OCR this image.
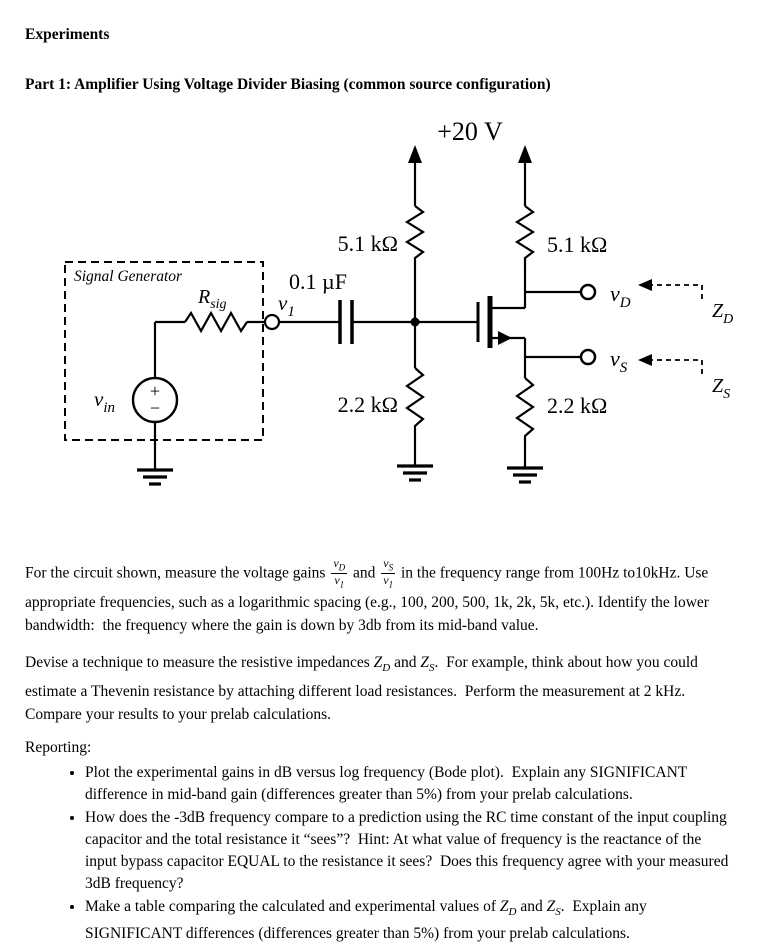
Experiments
Part 1: Amplifier Using Voltage Divider Biasing (common source configuration)
+20 V
5.1 kΩ	5.1 kΩ
0.1 µF
2.2 kΩ	2.2 kΩ
Signal Generator
$R_{sig}$ $v_1$
$v_{in}$
+
−
$v_D$
$v_S$
$Z_D$
$Z_S$

For the circuit shown, measure the voltage gains $\frac{v_D}{v_1}$ and $\frac{v_S}{v_1}$ in the frequency range from 100Hz to10kHz. Use appropriate frequencies, such as a logarithmic spacing (e.g., 100, 200, 500, 1k, 2k, 5k, etc.). Identify the lower bandwidth:  the frequency where the gain is down by 3db from its mid-band value.

Devise a technique to measure the resistive impedances $Z_D$ and $Z_S$.  For example, think about how you could estimate a Thevenin resistance by attaching different load resistances.  Perform the measurement at 2 kHz.  Compare your results to your prelab calculations.

Reporting:

• Plot the experimental gains in dB versus log frequency (Bode plot).  Explain any SIGNIFICANT difference in mid-band gain (differences greater than 5%) from your prelab calculations.
• How does the -3dB frequency compare to a prediction using the RC time constant of the input coupling capacitor and the total resistance it “sees”?  Hint: At what value of frequency is the reactance of the input bypass capacitor EQUAL to the resistance it sees?  Does this frequency agree with your measured 3dB frequency?
• Make a table comparing the calculated and experimental values of $Z_D$ and $Z_S$.  Explain any SIGNIFICANT differences (differences greater than 5%) from your prelab calculations.
